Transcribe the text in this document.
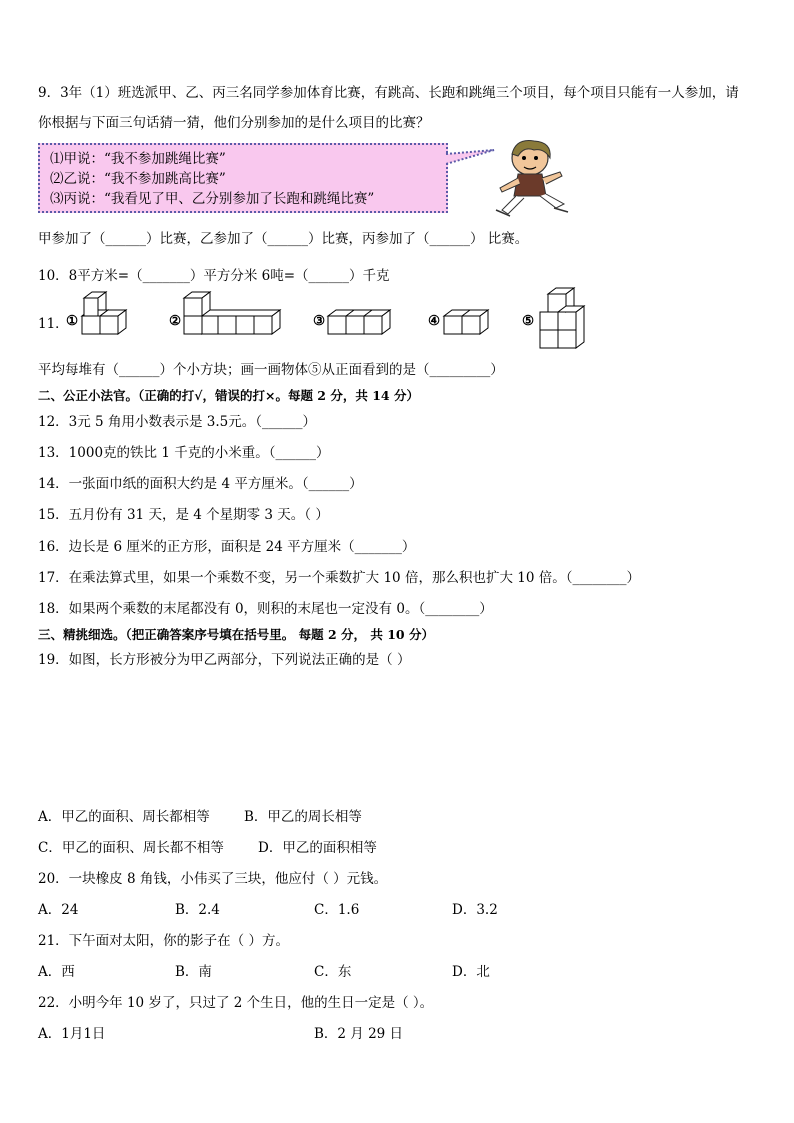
9．3年（1）班选派甲、乙、丙三名同学参加体育比赛，有跳高、长跑和跳绳三个项目，每个项目只能有一人参加，请
你根据与下面三句话猜一猜，他们分别参加的是什么项目的比赛？
⑴甲说：“我不参加跳绳比赛”
⑵乙说：“我不参加跳高比赛”
⑶丙说：“我看见了甲、乙分别参加了长跑和跳绳比赛”
甲参加了（______）比赛，乙参加了（______）比赛，丙参加了（______） 比赛。
10．8平方米=（_______）平方分米 6吨=（______）千克
11．
①	②	③	④	⑤
平均每堆有（______）个小方块；画一画物体⑤从正面看到的是（_________）
二、公正小法官。（正确的打√，错误的打×。每题 2 分，共 14 分）
12．3元 5 角用小数表示是 3.5元。（______）
13．1000克的铁比 1 千克的小米重。（______）
14．一张面巾纸的面积大约是 4 平方厘米。（______）
15．五月份有 31 天，是 4 个星期零 3 天。（ ）
16．边长是 6 厘米的正方形，面积是 24 平方厘米（_______）
17．在乘法算式里，如果一个乘数不变，另一个乘数扩大 10 倍，那么积也扩大 10 倍。（________）
18．如果两个乘数的末尾都没有 0，则积的末尾也一定没有 0。（________）
三、精挑细选。（把正确答案序号填在括号里。 每题 2 分， 共 10 分）
19．如图，长方形被分为甲乙两部分，下列说法正确的是（ ）
A．甲乙的面积、周长都相等	B．甲乙的周长相等
C．甲乙的面积、周长都不相等	D．甲乙的面积相等
20．一块橡皮 8 角钱，小伟买了三块，他应付（ ）元钱。
A．24	B．2.4	C．1.6	D．3.2
21．下午面对太阳，你的影子在（ ）方。
A．西	B．南	C．东	D．北
22．小明今年 10 岁了，只过了 2 个生日，他的生日一定是（ ）。
A．1月1日	B．2 月 29 日
